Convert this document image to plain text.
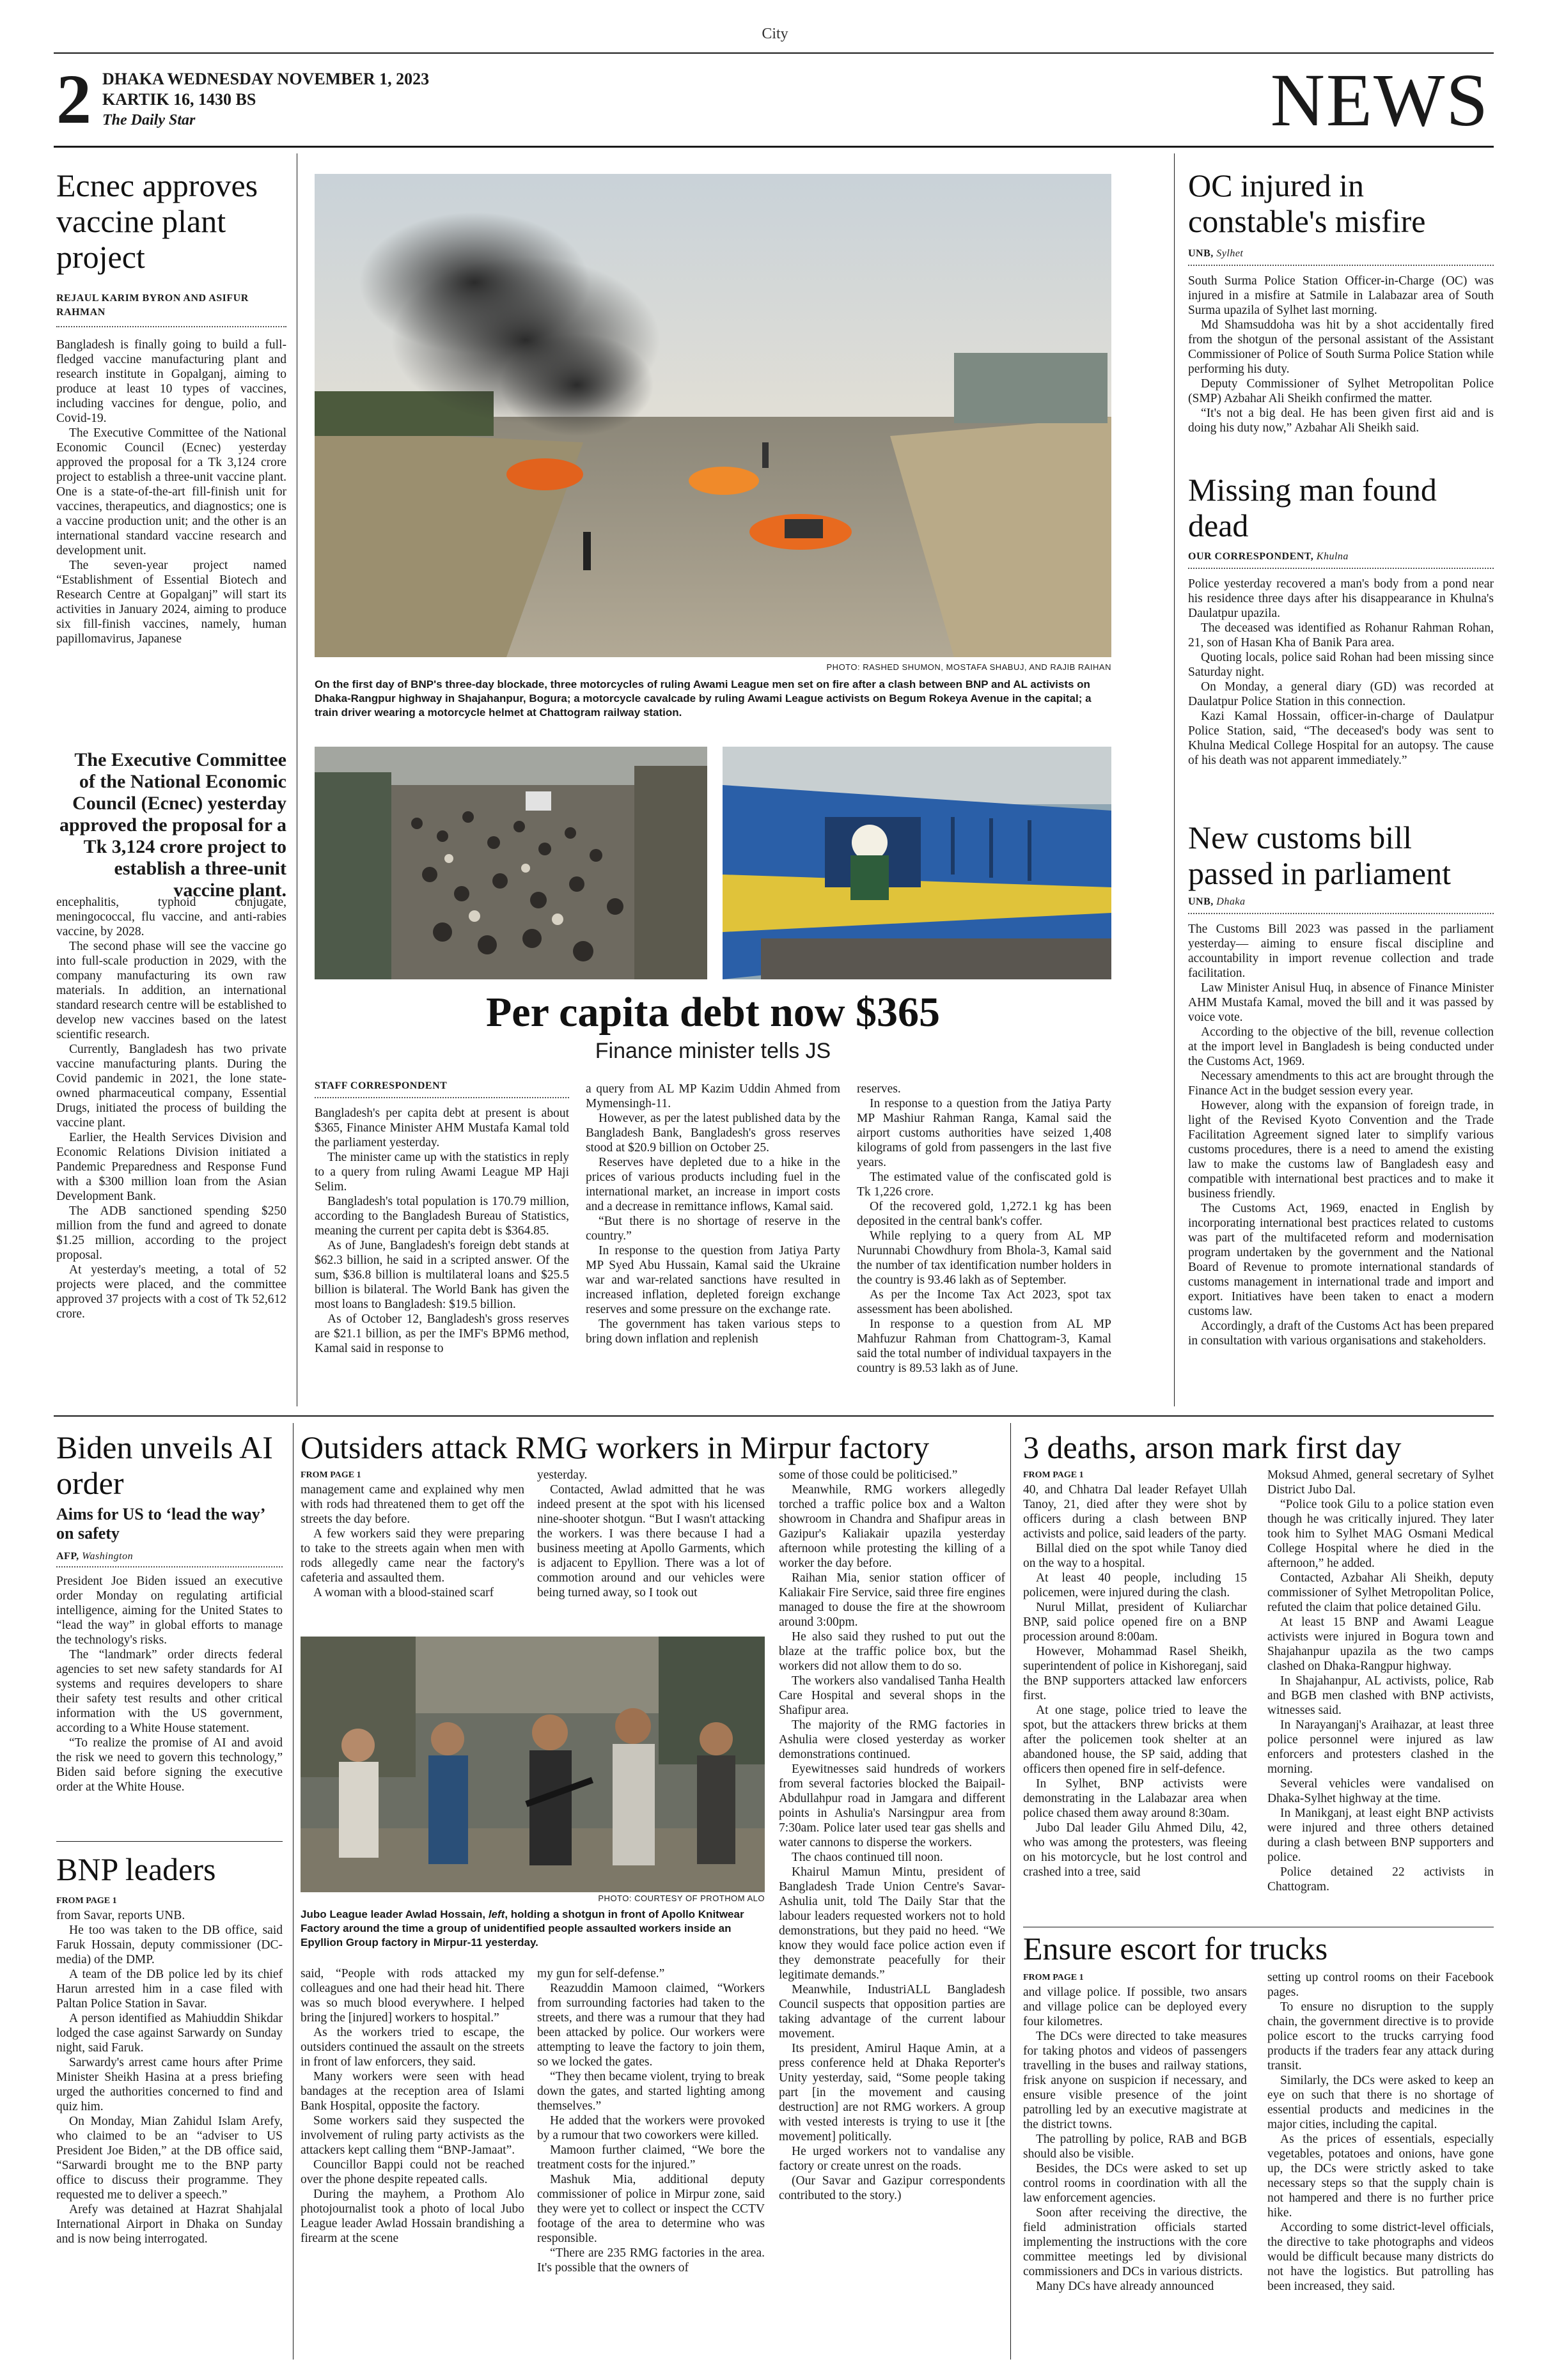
City
2 DHAKA WEDNESDAY NOVEMBER 1, 2023
KARTIK 16, 1430 BS
The Daily Star	NEWS
Ecnec approves vaccine plant project
REJAUL KARIM BYRON AND ASIFUR RAHMAN

Bangladesh is finally going to build a full-fledged vaccine manufacturing plant and research institute in Gopalganj, aiming to produce at least 10 types of vaccines, including vaccines for dengue, polio, and Covid-19.

The Executive Committee of the National Economic Council (Ecnec) yesterday approved the proposal for a Tk 3,124 crore project to establish a three-unit vaccine plant. One is a state-of-the-art fill-finish unit for vaccines, therapeutics, and diagnostics; one is a vaccine production unit; and the other is an international standard vaccine research and development unit.

The seven-year project named “Establishment of Essential Biotech and Research Centre at Gopalganj” will start its activities in January 2024, aiming to produce six fill-finish vaccines, namely, human papillomavirus, Japanese

The Executive Committee of the National Economic Council (Ecnec) yesterday approved the proposal for a Tk 3,124 crore project to establish a three-unit vaccine plant.

encephalitis, typhoid conjugate, meningococcal, flu vaccine, and anti-rabies vaccine, by 2028.

The second phase will see the vaccine go into full-scale production in 2029, with the company manufacturing its own raw materials. In addition, an international standard research centre will be established to develop new vaccines based on the latest scientific research.

Currently, Bangladesh has two private vaccine manufacturing plants. During the Covid pandemic in 2021, the lone state-owned pharmaceutical company, Essential Drugs, initiated the process of building the vaccine plant.

Earlier, the Health Services Division and Economic Relations Division initiated a Pandemic Preparedness and Response Fund with a $300 million loan from the Asian Development Bank.

The ADB sanctioned spending $250 million from the fund and agreed to donate $1.25 million, according to the project proposal.

At yesterday's meeting, a total of 52 projects were placed, and the committee approved 37 projects with a cost of Tk 52,612 crore.

PHOTO: RASHED SHUMON, MOSTAFA SHABUJ, AND RAJIB RAIHAN
On the first day of BNP's three-day blockade, three motorcycles of ruling Awami League men set on fire after a clash between BNP and AL activists on Dhaka-Rangpur highway in Shajahanpur, Bogura; a motorcycle cavalcade by ruling Awami League activists on Begum Rokeya Avenue in the capital; a train driver wearing a motorcycle helmet at Chattogram railway station.
Per capita debt now $365
Finance minister tells JS
STAFF CORRESPONDENT

Bangladesh's per capita debt at present is about $365, Finance Minister AHM Mustafa Kamal told the parliament yesterday.

The minister came up with the statistics in reply to a query from ruling Awami League MP Haji Selim.

Bangladesh's total population is 170.79 million, according to the Bangladesh Bureau of Statistics, meaning the current per capita debt is $364.85.

As of June, Bangladesh's foreign debt stands at $62.3 billion, he said in a scripted answer. Of the sum, $36.8 billion is multilateral loans and $25.5 billion is bilateral. The World Bank has given the most loans to Bangladesh: $19.5 billion.

As of October 12, Bangladesh's gross reserves are $21.1 billion, as per the IMF's BPM6 method, Kamal said in response to

a query from AL MP Kazim Uddin Ahmed from Mymensingh-11.

However, as per the latest published data by the Bangladesh Bank, Bangladesh's gross reserves stood at $20.9 billion on October 25.

Reserves have depleted due to a hike in the prices of various products including fuel in the international market, an increase in import costs and a decrease in remittance inflows, Kamal said.

“But there is no shortage of reserve in the country.”

In response to the question from Jatiya Party MP Syed Abu Hussain, Kamal said the Ukraine war and war-related sanctions have resulted in increased inflation, depleted foreign exchange reserves and some pressure on the exchange rate.

The government has taken various steps to bring down inflation and replenish

reserves.

In response to a question from the Jatiya Party MP Mashiur Rahman Ranga, Kamal said the airport customs authorities have seized 1,408 kilograms of gold from passengers in the last five years.

The estimated value of the confiscated gold is Tk 1,226 crore.

Of the recovered gold, 1,272.1 kg has been deposited in the central bank's coffer.

While replying to a query from AL MP Nurunnabi Chowdhury from Bhola-3, Kamal said the number of tax identification number holders in the country is 93.46 lakh as of September.

As per the Income Tax Act 2023, spot tax assessment has been abolished.

In response to a question from AL MP Mahfuzur Rahman from Chattogram-3, Kamal said the total number of individual taxpayers in the country is 89.53 lakh as of June.

OC injured in constable's misfire
UNB, Sylhet

South Surma Police Station Officer-in-Charge (OC) was injured in a misfire at Satmile in Lalabazar area of South Surma upazila of Sylhet last morning.

Md Shamsuddoha was hit by a shot accidentally fired from the shotgun of the personal assistant of the Assistant Commissioner of Police of South Surma Police Station while performing his duty.

Deputy Commissioner of Sylhet Metropolitan Police (SMP) Azbahar Ali Sheikh confirmed the matter.

“It's not a big deal. He has been given first aid and is doing his duty now,” Azbahar Ali Sheikh said.

Missing man found dead
OUR CORRESPONDENT, Khulna

Police yesterday recovered a man's body from a pond near his residence three days after his disappearance in Khulna's Daulatpur upazila.

The deceased was identified as Rohanur Rahman Rohan, 21, son of Hasan Kha of Banik Para area.

Quoting locals, police said Rohan had been missing since Saturday night.

On Monday, a general diary (GD) was recorded at Daulatpur Police Station in this connection.

Kazi Kamal Hossain, officer-in-charge of Daulatpur Police Station, said, “The deceased's body was sent to Khulna Medical College Hospital for an autopsy. The cause of his death was not apparent immediately.”

New customs bill passed in parliament
UNB, Dhaka

The Customs Bill 2023 was passed in the parliament yesterday— aiming to ensure fiscal discipline and accountability in import revenue collection and trade facilitation.

Law Minister Anisul Huq, in absence of Finance Minister AHM Mustafa Kamal, moved the bill and it was passed by voice vote.

According to the objective of the bill, revenue collection at the import level in Bangladesh is being conducted under the Customs Act, 1969.

Necessary amendments to this act are brought through the Finance Act in the budget session every year.

However, along with the expansion of foreign trade, in light of the Revised Kyoto Convention and the Trade Facilitation Agreement signed later to simplify various customs procedures, there is a need to amend the existing law to make the customs law of Bangladesh easy and compatible with international best practices and to make it business friendly.

The Customs Act, 1969, enacted in English by incorporating international best practices related to customs was part of the multifaceted reform and modernisation program undertaken by the government and the National Board of Revenue to promote international standards of customs management in international trade and import and export. Initiatives have been taken to enact a modern customs law.

Accordingly, a draft of the Customs Act has been prepared in consultation with various organisations and stakeholders.

Biden unveils AI order
Aims for US to ‘lead the way’ on safety
AFP, Washington

President Joe Biden issued an executive order Monday on regulating artificial intelligence, aiming for the United States to “lead the way” in global efforts to manage the technology's risks.

The “landmark” order directs federal agencies to set new safety standards for AI systems and requires developers to share their safety test results and other critical information with the US government, according to a White House statement.

“To realize the promise of AI and avoid the risk we need to govern this technology,” Biden said before signing the executive order at the White House.

BNP leaders
FROM PAGE 1

from Savar, reports UNB.

He too was taken to the DB office, said Faruk Hossain, deputy commissioner (DC-media) of the DMP.

A team of the DB police led by its chief Harun arrested him in a case filed with Paltan Police Station in Savar.

A person identified as Mahiuddin Shikdar lodged the case against Sarwardy on Sunday night, said Faruk.

Sarwardy's arrest came hours after Prime Minister Sheikh Hasina at a press briefing urged the authorities concerned to find and quiz him.

On Monday, Mian Zahidul Islam Arefy, who claimed to be an “adviser to US President Joe Biden,” at the DB office said, “Sarwardi brought me to the BNP party office to discuss their programme. They requested me to deliver a speech.”

Arefy was detained at Hazrat Shahjalal International Airport in Dhaka on Sunday and is now being interrogated.

Outsiders attack RMG workers in Mirpur factory
FROM PAGE 1

management came and explained why men with rods had threatened them to get off the streets the day before.

A few workers said they were preparing to take to the streets again when men with rods allegedly came near the factory's cafeteria and assaulted them.

A woman with a blood-stained scarf

yesterday.

Contacted, Awlad admitted that he was indeed present at the spot with his licensed nine-shooter shotgun. “But I wasn't attacking the workers. I was there because I had a business meeting at Apollo Garments, which is adjacent to Epyllion. There was a lot of commotion around and our vehicles were being turned away, so I took out

PHOTO: COURTESY OF PROTHOM ALO
Jubo League leader Awlad Hossain, left, holding a shotgun in front of Apollo Knitwear Factory around the time a group of unidentified people assaulted workers inside an Epyllion Group factory in Mirpur-11 yesterday.

said, “People with rods attacked my colleagues and one had their head hit. There was so much blood everywhere. I helped bring the [injured] workers to hospital.”

As the workers tried to escape, the outsiders continued the assault on the streets in front of law enforcers, they said.

Many workers were seen with head bandages at the reception area of Islami Bank Hospital, opposite the factory.

Some workers said they suspected the involvement of ruling party activists as the attackers kept calling them “BNP-Jamaat”.

Councillor Bappi could not be reached over the phone despite repeated calls.

During the mayhem, a Prothom Alo photojournalist took a photo of local Jubo League leader Awlad Hossain brandishing a firearm at the scene

my gun for self-defense.”

Reazuddin Mamoon claimed, “Workers from surrounding factories had taken to the streets, and there was a rumour that they had been attacked by police. Our workers were attempting to leave the factory to join them, so we locked the gates.

“They then became violent, trying to break down the gates, and started lighting among themselves.”

He added that the workers were provoked by a rumour that two coworkers were killed.

Mamoon further claimed, “We bore the treatment costs for the injured.”

Mashuk Mia, additional deputy commissioner of police in Mirpur zone, said they were yet to collect or inspect the CCTV footage of the area to determine who was responsible.

“There are 235 RMG factories in the area. It's possible that the owners of

some of those could be politicised.”

Meanwhile, RMG workers allegedly torched a traffic police box and a Walton showroom in Chandra and Shafipur areas in Gazipur's Kaliakair upazila yesterday afternoon while protesting the killing of a worker the day before.

Raihan Mia, senior station officer of Kaliakair Fire Service, said three fire engines managed to douse the fire at the showroom around 3:00pm.

He also said they rushed to put out the blaze at the traffic police box, but the workers did not allow them to do so.

The workers also vandalised Tanha Health Care Hospital and several shops in the Shafipur area.

The majority of the RMG factories in Ashulia were closed yesterday as worker demonstrations continued.

Eyewitnesses said hundreds of workers from several factories blocked the Baipail-Abdullahpur road in Jamgara and different points in Ashulia's Narsingpur area from 7:30am. Police later used tear gas shells and water cannons to disperse the workers.

The chaos continued till noon.

Khairul Mamun Mintu, president of Bangladesh Trade Union Centre's Savar-Ashulia unit, told The Daily Star that the labour leaders requested workers not to hold demonstrations, but they paid no heed. “We know they would face police action even if they demonstrate peacefully for their legitimate demands.”

Meanwhile, IndustriALL Bangladesh Council suspects that opposition parties are taking advantage of the current labour movement.

Its president, Amirul Haque Amin, at a press conference held at Dhaka Reporter's Unity yesterday, said, “Some people taking part [in the movement and causing destruction] are not RMG workers. A group with vested interests is trying to use it [the movement] politically.

He urged workers not to vandalise any factory or create unrest on the roads.

(Our Savar and Gazipur correspondents contributed to the story.)

3 deaths, arson mark first day
FROM PAGE 1

40, and Chhatra Dal leader Refayet Ullah Tanoy, 21, died after they were shot by officers during a clash between BNP activists and police, said leaders of the party.

Billal died on the spot while Tanoy died on the way to a hospital.

At least 40 people, including 15 policemen, were injured during the clash.

Nurul Millat, president of Kuliarchar BNP, said police opened fire on a BNP procession around 8:00am.

However, Mohammad Rasel Sheikh, superintendent of police in Kishoreganj, said the BNP supporters attacked law enforcers first.

At one stage, police tried to leave the spot, but the attackers threw bricks at them after the policemen took shelter at an abandoned house, the SP said, adding that officers then opened fire in self-defence.

In Sylhet, BNP activists were demonstrating in the Lalabazar area when police chased them away around 8:30am.

Jubo Dal leader Gilu Ahmed Dilu, 42, who was among the protesters, was fleeing on his motorcycle, but he lost control and crashed into a tree, said

Moksud Ahmed, general secretary of Sylhet District Jubo Dal.

“Police took Gilu to a police station even though he was critically injured. They later took him to Sylhet MAG Osmani Medical College Hospital where he died in the afternoon,” he added.

Contacted, Azbahar Ali Sheikh, deputy commissioner of Sylhet Metropolitan Police, refuted the claim that police detained Gilu.

At least 15 BNP and Awami League activists were injured in Bogura town and Shajahanpur upazila as the two camps clashed on Dhaka-Rangpur highway.

In Shajahanpur, AL activists, police, Rab and BGB men clashed with BNP activists, witnesses said.

In Narayanganj's Araihazar, at least three police personnel were injured as law enforcers and protesters clashed in the morning.

Several vehicles were vandalised on Dhaka-Sylhet highway at the time.

In Manikganj, at least eight BNP activists were injured and three others detained during a clash between BNP supporters and police.

Police detained 22 activists in Chattogram.

Ensure escort for trucks
FROM PAGE 1

and village police. If possible, two ansars and village police can be deployed every four kilometres.

The DCs were directed to take measures for taking photos and videos of passengers travelling in the buses and railway stations, frisk anyone on suspicion if necessary, and ensure visible presence of the joint patrolling led by an executive magistrate at the district towns.

The patrolling by police, RAB and BGB should also be visible.

Besides, the DCs were asked to set up control rooms in coordination with all the law enforcement agencies.

Soon after receiving the directive, the field administration officials started implementing the instructions with the core committee meetings led by divisional commissioners and DCs in various districts.

Many DCs have already announced

setting up control rooms on their Facebook pages.

To ensure no disruption to the supply chain, the government directive is to provide police escort to the trucks carrying food products if the traders fear any attack during transit.

Similarly, the DCs were asked to keep an eye on such that there is no shortage of essential products and medicines in the major cities, including the capital.

As the prices of essentials, especially vegetables, potatoes and onions, have gone up, the DCs were strictly asked to take necessary steps so that the supply chain is not hampered and there is no further price hike.

According to some district-level officials, the directive to take photographs and videos would be difficult because many districts do not have the logistics. But patrolling has been increased, they said.
